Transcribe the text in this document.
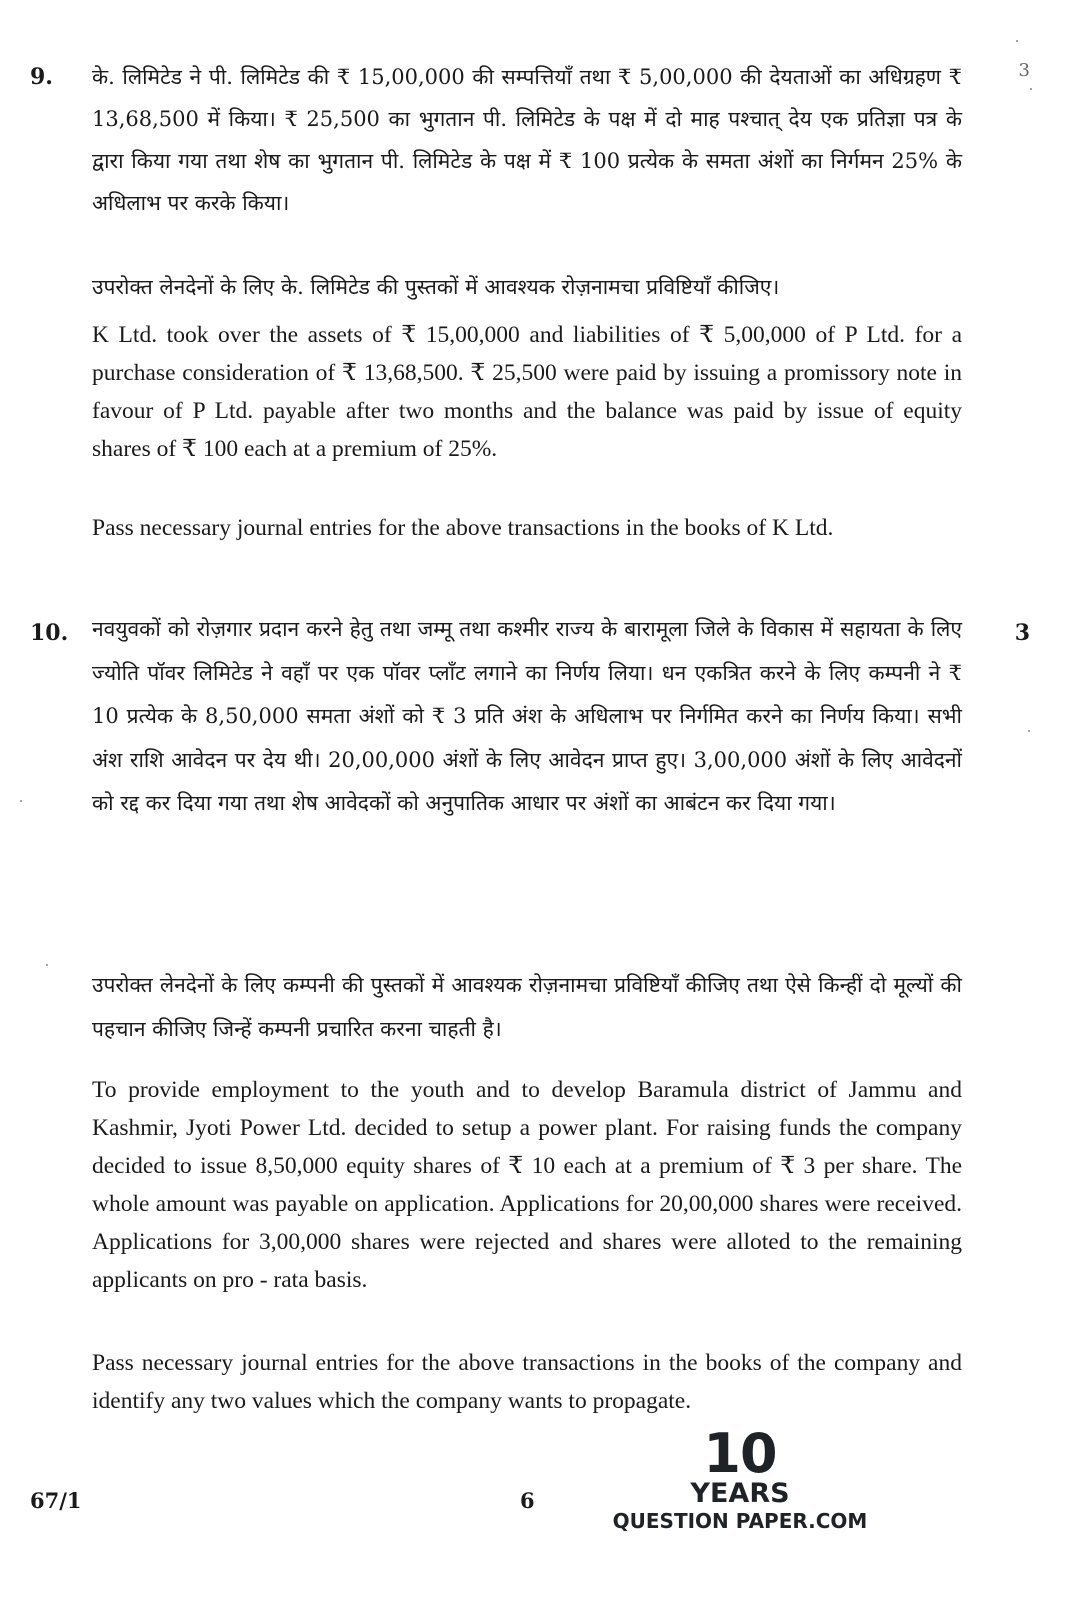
9.	3
के. लिमिटेड ने पी. लिमिटेड की ₹ 15,00,000 की सम्पत्तियाँ तथा ₹ 5,00,000 की देयताओं का अधिग्रहण ₹ 13,68,500 में किया। ₹ 25,500 का भुगतान पी. लिमिटेड के पक्ष में दो माह पश्चात् देय एक प्रतिज्ञा पत्र के द्वारा किया गया तथा शेष का भुगतान पी. लिमिटेड के पक्ष में ₹ 100 प्रत्येक के समता अंशों का निर्गमन 25% के अधिलाभ पर करके किया।
उपरोक्त लेनदेनों के लिए के. लिमिटेड की पुस्तकों में आवश्यक रोज़नामचा प्रविष्टियाँ कीजिए।
K Ltd. took over the assets of ₹ 15,00,000 and liabilities of ₹ 5,00,000 of P Ltd. for a purchase consideration of ₹ 13,68,500. ₹ 25,500 were paid by issuing a promissory note in favour of P Ltd. payable after two months and the balance was paid by issue of equity shares of ₹ 100 each at a premium of 25%.
Pass necessary journal entries for the above transactions in the books of K Ltd.
10.	3
नवयुवकों को रोज़गार प्रदान करने हेतु तथा जम्मू तथा कश्मीर राज्य के बारामूला जिले के विकास में सहायता के लिए ज्योति पॉवर लिमिटेड ने वहाँ पर एक पॉवर प्लाँट लगाने का निर्णय लिया। धन एकत्रित करने के लिए कम्पनी ने ₹ 10 प्रत्येक के 8,50,000 समता अंशों को ₹ 3 प्रति अंश के अधिलाभ पर निर्गमित करने का निर्णय किया। सभी अंश राशि आवेदन पर देय थी। 20,00,000 अंशों के लिए आवेदन प्राप्त हुए। 3,00,000 अंशों के लिए आवेदनों को रद्द कर दिया गया तथा शेष आवेदकों को अनुपातिक आधार पर अंशों का आबंटन कर दिया गया।
उपरोक्त लेनदेनों के लिए कम्पनी की पुस्तकों में आवश्यक रोज़नामचा प्रविष्टियाँ कीजिए तथा ऐसे किन्हीं दो मूल्यों की पहचान कीजिए जिन्हें कम्पनी प्रचारित करना चाहती है।
To provide employment to the youth and to develop Baramula district of Jammu and Kashmir, Jyoti Power Ltd. decided to setup a power plant. For raising funds the company decided to issue 8,50,000 equity shares of ₹ 10 each at a premium of ₹ 3 per share. The whole amount was payable on application. Applications for 20,00,000 shares were received. Applications for 3,00,000 shares were rejected and shares were alloted to the remaining applicants on pro - rata basis.
Pass necessary journal entries for the above transactions in the books of the company and identify any two values which the company wants to propagate.
67/1	6
10
YEARS
QUESTION PAPER.COM
